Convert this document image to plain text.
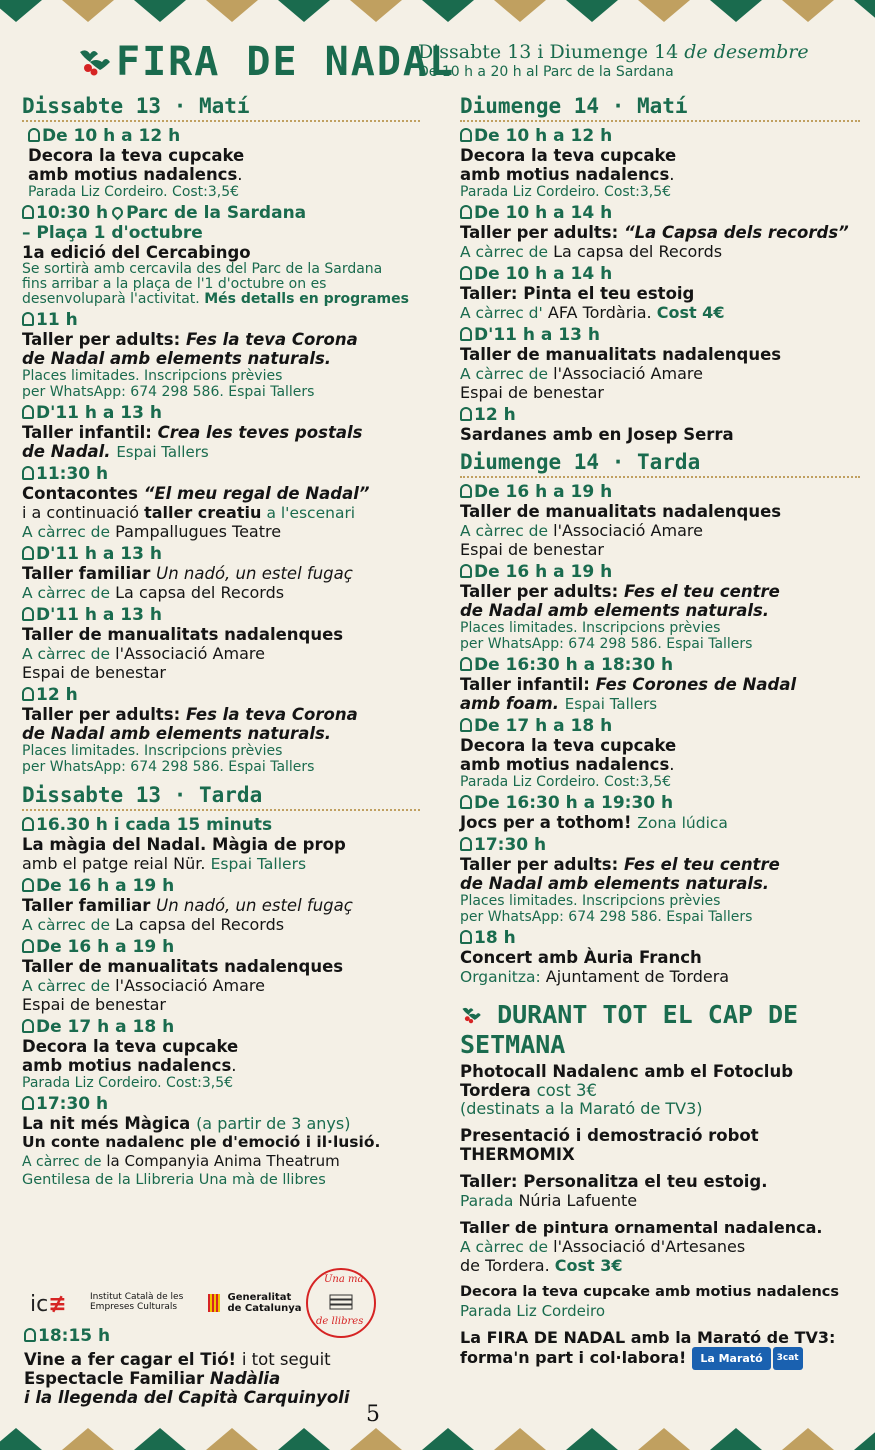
FIRA DE NADAL
Dissabte 13 i Diumenge 14 de desembre
De 10 h a 20 h al Parc de la Sardana
Dissabte 13 · Matí
De 10 h a 12 h
Decora la teva cupcake
amb motius nadalencs.
Parada Liz Cordeiro. Cost:3,5€
10:30 h Parc de la Sardana
– Plaça 1 d'octubre
1a edició del Cercabingo
Se sortirà amb cercavila des del Parc de la Sardana
fins arribar a la plaça de l'1 d'octubre on es
desenvoluparà l'activitat. Més detalls en programes
11 h
Taller per adults: Fes la teva Corona
de Nadal amb elements naturals.
Places limitades. Inscripcions prèvies
per WhatsApp: 674 298 586. Espai Tallers
D'11 h a 13 h
Taller infantil: Crea les teves postals
de Nadal. Espai Tallers
11:30 h
Contacontes “El meu regal de Nadal”
i a continuació taller creatiu a l'escenari
A càrrec de Pampallugues Teatre
D'11 h a 13 h
Taller familiar Un nadó, un estel fugaç
A càrrec de La capsa del Records
D'11 h a 13 h
Taller de manualitats nadalenques
A càrrec de l'Associació Amare
Espai de benestar
12 h
Taller per adults: Fes la teva Corona
de Nadal amb elements naturals.
Places limitades. Inscripcions prèvies
per WhatsApp: 674 298 586. Espai Tallers
Dissabte 13 · Tarda
16.30 h i cada 15 minuts
La màgia del Nadal. Màgia de prop
amb el patge reial Nür. Espai Tallers
De 16 h a 19 h
Taller familiar Un nadó, un estel fugaç
A càrrec de La capsa del Records
De 16 h a 19 h
Taller de manualitats nadalenques
A càrrec de l'Associació Amare
Espai de benestar
De 17 h a 18 h
Decora la teva cupcake
amb motius nadalencs.
Parada Liz Cordeiro. Cost:3,5€
17:30 h
La nit més Màgica (a partir de 3 anys)
Un conte nadalenc ple d'emoció i il·lusió.
A càrrec de la Companyia Anima Theatrum
Gentilesa de la Llibreria Una mà de llibres
ic≢	Institut Català de les
Empreses Culturals

Generalitat
de Catalunya
Una mà
de llibres
18:15 h
Vine a fer cagar el Tió! i tot seguit
Espectacle Familiar Nadàlia
i la llegenda del Capità Carquinyoli
Diumenge 14 · Matí
De 10 h a 12 h
Decora la teva cupcake
amb motius nadalencs.
Parada Liz Cordeiro. Cost:3,5€
De 10 h a 14 h
Taller per adults: “La Capsa dels records”
A càrrec de La capsa del Records
De 10 h a 14 h
Taller: Pinta el teu estoig
A càrrec d' AFA Tordària. Cost 4€
D'11 h a 13 h
Taller de manualitats nadalenques
A càrrec de l'Associació Amare
Espai de benestar
12 h
Sardanes amb en Josep Serra
Diumenge 14 · Tarda
De 16 h a 19 h
Taller de manualitats nadalenques
A càrrec de l'Associació Amare
Espai de benestar
De 16 h a 19 h
Taller per adults: Fes el teu centre
de Nadal amb elements naturals.
Places limitades. Inscripcions prèvies
per WhatsApp: 674 298 586. Espai Tallers
De 16:30 h a 18:30 h
Taller infantil: Fes Corones de Nadal
amb foam. Espai Tallers
De 17 h a 18 h
Decora la teva cupcake
amb motius nadalencs.
Parada Liz Cordeiro. Cost:3,5€
De 16:30 h a 19:30 h
Jocs per a tothom! Zona lúdica
17:30 h
Taller per adults: Fes el teu centre
de Nadal amb elements naturals.
Places limitades. Inscripcions prèvies
per WhatsApp: 674 298 586. Espai Tallers
18 h
Concert amb Àuria Franch
Organitza: Ajuntament de Tordera
DURANT TOT EL CAP DE SETMANA
Photocall Nadalenc amb el Fotoclub
Tordera cost 3€
(destinats a la Marató de TV3)
Presentació i demostració robot
THERMOMIX
Taller: Personalitza el teu estoig.
Parada Núria Lafuente
Taller de pintura ornamental nadalenca.
A càrrec de l'Associació d'Artesanes
de Tordera. Cost 3€
Decora la teva cupcake amb motius nadalencs
Parada Liz Cordeiro
La FIRA DE NADAL amb la Marató de TV3:
forma'n part i col·labora! La Marató 3cat
5
